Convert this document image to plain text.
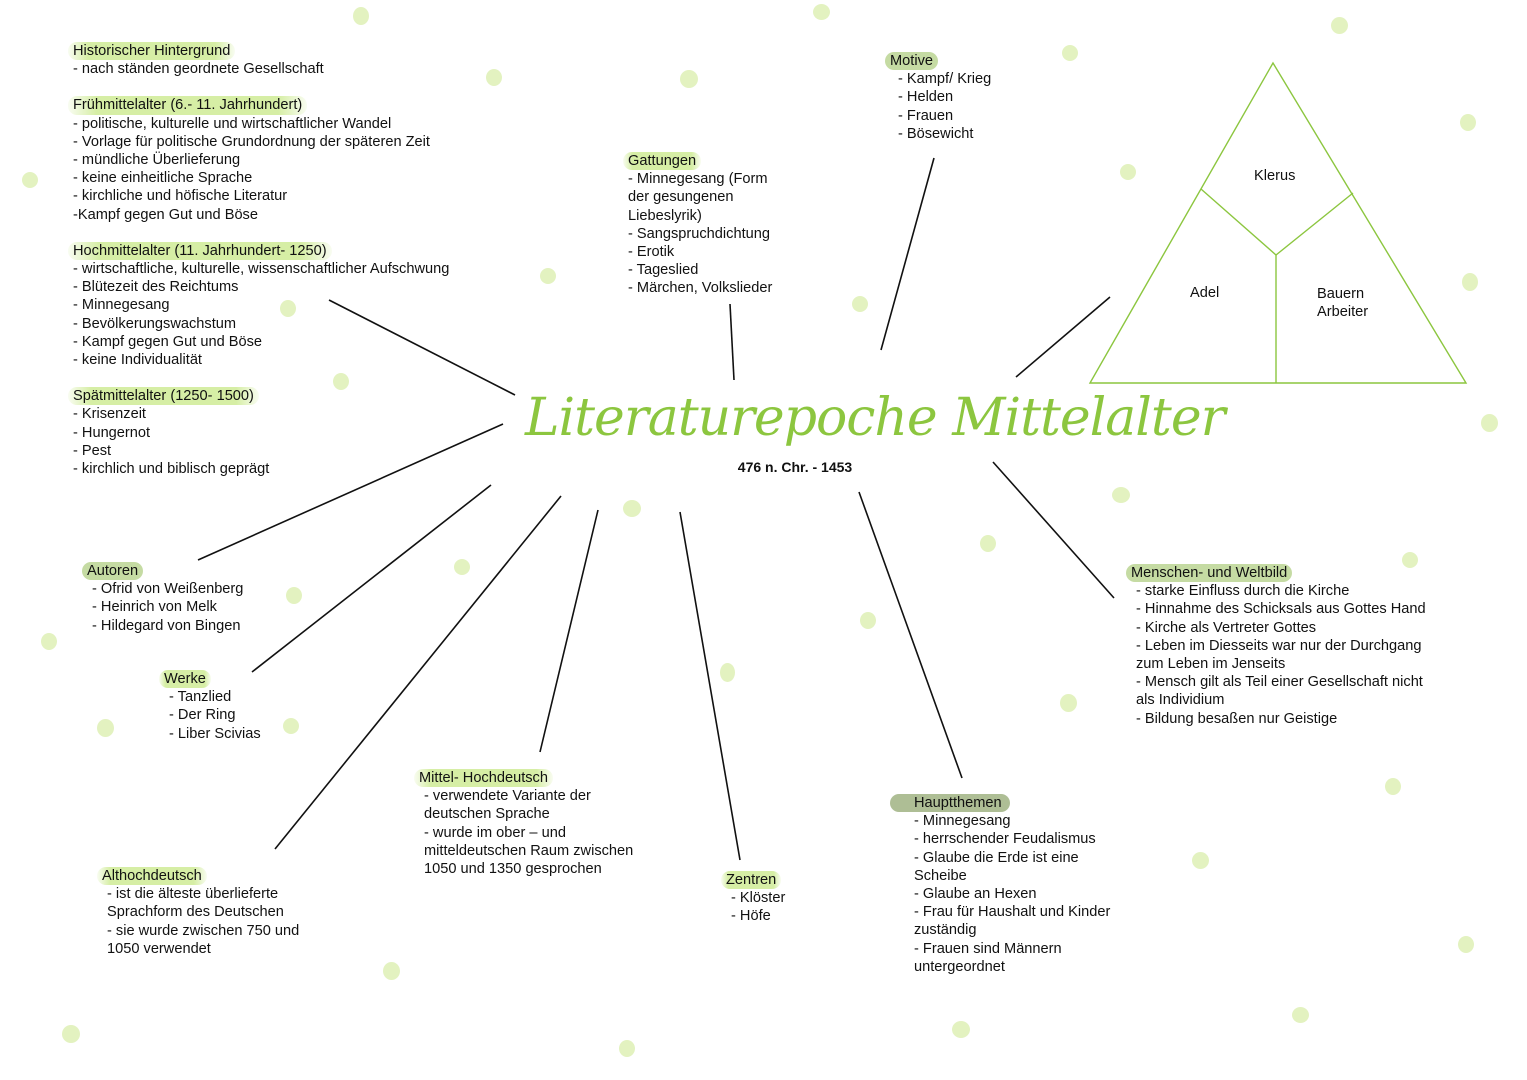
Klerus
Adel	Bauern
Arbeiter
Literaturepoche Mittelalter
476 n. Chr. - 1453
Historischer Hintergrund
- nach ständen geordnete Gesellschaft
Frühmittelalter (6.- 11. Jahrhundert)
- politische, kulturelle und wirtschaftlicher Wandel
- Vorlage für politische Grundordnung der späteren Zeit
- mündliche Überlieferung
- keine einheitliche Sprache
- kirchliche und höfische Literatur
-Kampf gegen Gut und Böse
Hochmittelalter (11. Jahrhundert- 1250)
- wirtschaftliche, kulturelle, wissenschaftlicher Aufschwung
- Blütezeit des Reichtums
- Minnegesang
- Bevölkerungswachstum
- Kampf gegen Gut und Böse
- keine Individualität
Spätmittelalter (1250- 1500)
- Krisenzeit
- Hungernot
- Pest
- kirchlich und biblisch geprägt
Gattungen
- Minnegesang (Form
der gesungenen
Liebeslyrik)
- Sangspruchdichtung
- Erotik
- Tageslied
- Märchen, Volkslieder
Motive
- Kampf/ Krieg
- Helden
- Frauen
- Bösewicht
Autoren
- Ofrid von Weißenberg
- Heinrich von Melk
- Hildegard von Bingen
Werke
- Tanzlied
- Der Ring
- Liber Scivias
Althochdeutsch
- ist die älteste überlieferte
Sprachform des Deutschen
- sie wurde zwischen 750 und
1050 verwendet
Mittel- Hochdeutsch
- verwendete Variante der
deutschen Sprache
- wurde im ober – und
mitteldeutschen Raum zwischen
1050 und 1350 gesprochen
Zentren
- Klöster
- Höfe
Hauptthemen
- Minnegesang
- herrschender Feudalismus
- Glaube die Erde ist eine
Scheibe
- Glaube an Hexen
- Frau für Haushalt und Kinder
zuständig
- Frauen sind Männern
untergeordnet
Menschen- und Weltbild
- starke Einfluss durch die Kirche
- Hinnahme des Schicksals aus Gottes Hand
- Kirche als Vertreter Gottes
- Leben im Diesseits war nur der Durchgang
zum Leben im Jenseits
- Mensch gilt als Teil einer Gesellschaft nicht
als Individium
- Bildung besaßen nur Geistige
